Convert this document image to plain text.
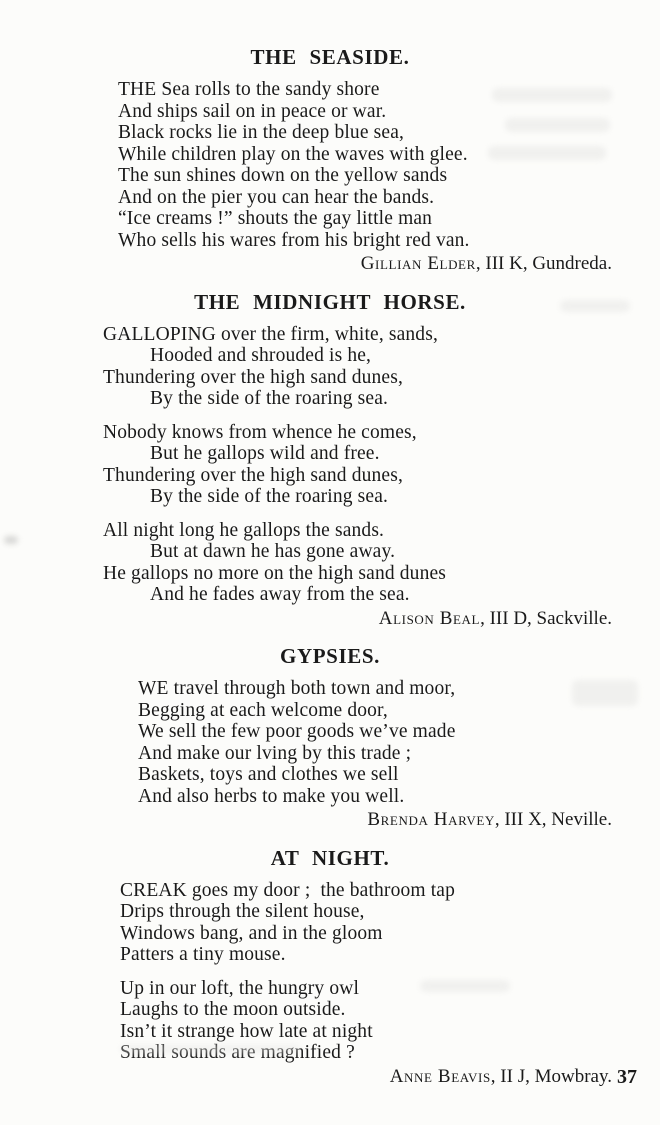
THE SEASIDE.
THE Sea rolls to the sandy shore
And ships sail on in peace or war.
Black rocks lie in the deep blue sea,
While children play on the waves with glee.
The sun shines down on the yellow sands
And on the pier you can hear the bands.
“Ice creams !” shouts the gay little man
Who sells his wares from his bright red van.
Gillian Elder, III K, Gundreda.
THE MIDNIGHT HORSE.
GALLOPING over the firm, white, sands,
Hooded and shrouded is he,
Thundering over the high sand dunes,
By the side of the roaring sea.
Nobody knows from whence he comes,
But he gallops wild and free.
Thundering over the high sand dunes,
By the side of the roaring sea.
All night long he gallops the sands.
But at dawn he has gone away.
He gallops no more on the high sand dunes
And he fades away from the sea.
Alison Beal, III D, Sackville.
GYPSIES.
WE travel through both town and moor,
Begging at each welcome door,
We sell the few poor goods we’ve made
And make our lving by this trade ;
Baskets, toys and clothes we sell
And also herbs to make you well.
Brenda Harvey, III X, Neville.
AT NIGHT.
CREAK goes my door ;  the bathroom tap
Drips through the silent house,
Windows bang, and in the gloom
Patters a tiny mouse.
Up in our loft, the hungry owl
Laughs to the moon outside.
Isn’t it strange how late at night
Small sounds are magnified ?
Anne Beavis, II J, Mowbray. 37
